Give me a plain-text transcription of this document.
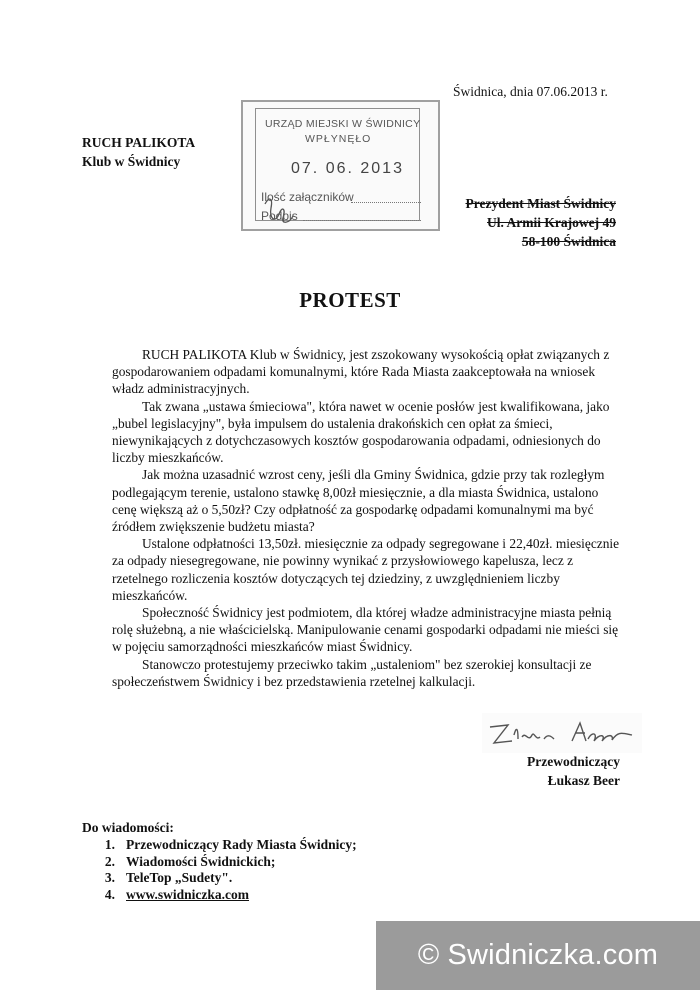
Świdnica, dnia 07.06.2013 r.
RUCH PALIKOTA
Klub w Świdnicy
URZĄD MIEJSKI W ŚWIDNICY
WPŁYNĘŁO
07. 06. 2013
Ilość załączników
Podpis
Prezydent Miast Świdnicy
Ul. Armii Krajowej 49
58-100 Świdnica
PROTEST

RUCH PALIKOTA Klub w Świdnicy, jest zszokowany wysokością opłat związanych z gospodarowaniem odpadami komunalnymi, które Rada Miasta zaakceptowała na wniosek władz administracyjnych.

Tak zwana „ustawa śmieciowa", która nawet w ocenie posłów jest kwalifikowana, jako „bubel legislacyjny", była impulsem do ustalenia drakońskich cen opłat za śmieci, niewynikających z dotychczasowych kosztów gospodarowania odpadami, odniesionych do liczby mieszkańców.

Jak można uzasadnić wzrost ceny, jeśli dla Gminy Świdnica, gdzie przy tak rozległym podlegającym terenie, ustalono stawkę 8,00zł miesięcznie, a dla miasta Świdnica, ustalono cenę większą aż o 5,50zł? Czy odpłatność za gospodarkę odpadami komunalnymi ma być źródłem zwiększenie budżetu miasta?

Ustalone odpłatności 13,50zł. miesięcznie za odpady segregowane i 22,40zł. miesięcznie za odpady niesegregowane, nie powinny wynikać z przysłowiowego kapelusza, lecz z rzetelnego rozliczenia kosztów dotyczących tej dziedziny, z uwzględnieniem liczby mieszkańców.

Społeczność Świdnicy jest podmiotem, dla której władze administracyjne miasta pełnią rolę służebną, a nie właścicielską. Manipulowanie cenami gospodarki odpadami nie mieści się w pojęciu samorządności mieszkańców miast Świdnicy.

Stanowczo protestujemy przeciwko takim „ustaleniom" bez szerokiej konsultacji ze społeczeństwem Świdnicy i bez przedstawienia rzetelnej kalkulacji.

Przewodniczący
Łukasz Beer
Do wiadomości:
1. Przewodniczący Rady Miasta Świdnicy;
2. Wiadomości Świdnickich;
3. TeleTop „Sudety".
4. www.swidniczka.com
© Swidniczka.com
